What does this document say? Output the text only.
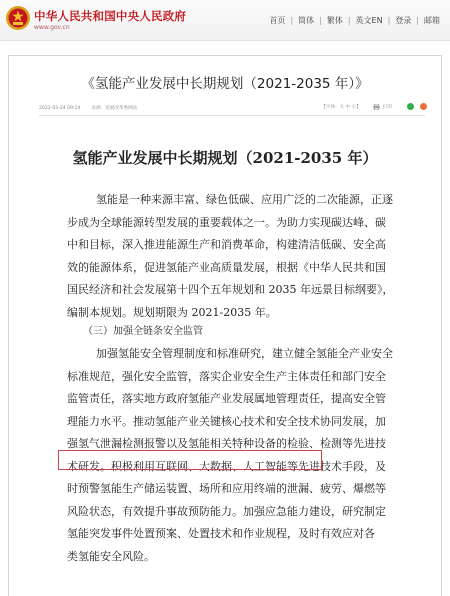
中华人民共和国中央人民政府
www.gov.cn
首页 | 简体 | 繁体 | 英文EN | 登录 | 邮箱
《氢能产业发展中长期规划（2021-2035 年）》
2022-03-24 09:14 来源：发展改革委网站	【字体：大 中 小】	打印
氢能产业发展中长期规划（2021-2035 年）
氢能是一种来源丰富、绿色低碳、应用广泛的二次能源，正逐
步成为全球能源转型发展的重要载体之一。为助力实现碳达峰、碳
中和目标，深入推进能源生产和消费革命，构建清洁低碳、安全高
效的能源体系，促进氢能产业高质量发展，根据《中华人民共和国
国民经济和社会发展第十四个五年规划和 2035 年远景目标纲要》，
编制本规划。规划期限为 2021-2035 年。
（三）加强全链条安全监管
加强氢能安全管理制度和标准研究，建立健全氢能全产业安全
标准规范，强化安全监管，落实企业安全生产主体责任和部门安全
监管责任，落实地方政府氢能产业发展属地管理责任，提高安全管
理能力水平。推动氢能产业关键核心技术和安全技术协同发展，加
强氢气泄漏检测报警以及氢能相关特种设备的检验、检测等先进技
术研发。积极利用互联网、大数据、人工智能等先进技术手段，及
时预警氢能生产储运装置、场所和应用终端的泄漏、疲劳、爆燃等
风险状态，有效提升事故预防能力。加强应急能力建设，研究制定
氢能突发事件处置预案、处置技术和作业规程，及时有效应对各
类氢能安全风险。
